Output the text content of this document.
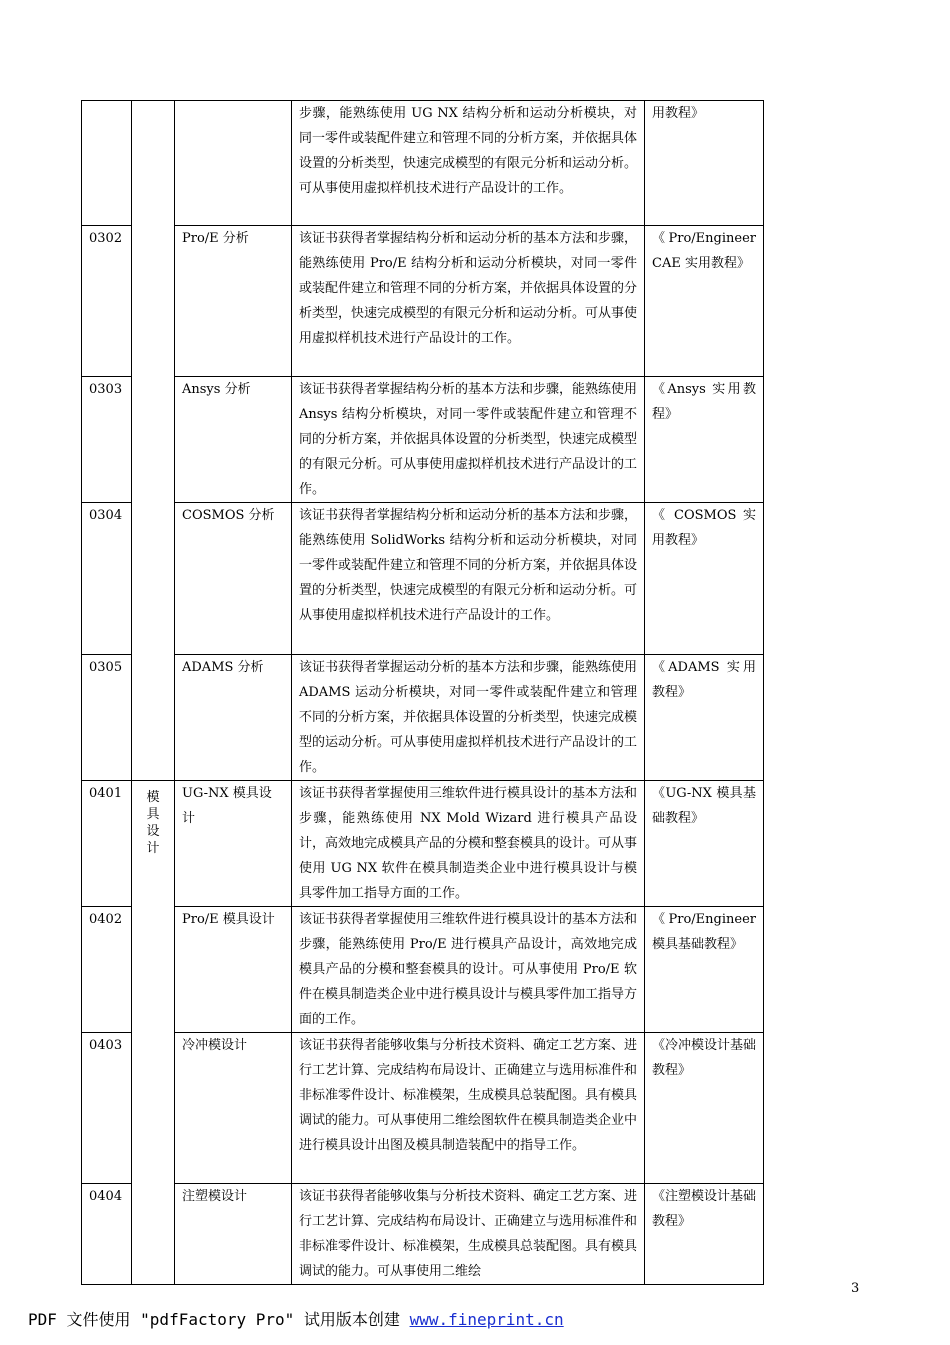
			步骤，能熟练使用 UG NX 结构分析和运动分析模块，对同一零件或装配件建立和管理不同的分析方案，并依据具体设置的分析类型，快速完成模型的有限元分析和运动分析。可从事使用虚拟样机技术进行产品设计的工作。	用教程》
0302		Pro/E 分析	该证书获得者掌握结构分析和运动分析的基本方法和步骤，能熟练使用 Pro/E 结构分析和运动分析模块，对同一零件或装配件建立和管理不同的分析方案，并依据具体设置的分析类型，快速完成模型的有限元分析和运动分析。可从事使用虚拟样机技术进行产品设计的工作。	《Pro/Engineer CAE 实用教程》
0303		Ansys 分析	该证书获得者掌握结构分析的基本方法和步骤，能熟练使用 Ansys 结构分析模块，对同一零件或装配件建立和管理不同的分析方案，并依据具体设置的分析类型，快速完成模型的有限元分析。可从事使用虚拟样机技术进行产品设计的工作。	《Ansys 实用教程》
0304		COSMOS 分析	该证书获得者掌握结构分析和运动分析的基本方法和步骤，能熟练使用 SolidWorks 结构分析和运动分析模块，对同一零件或装配件建立和管理不同的分析方案，并依据具体设置的分析类型，快速完成模型的有限元分析和运动分析。可从事使用虚拟样机技术进行产品设计的工作。	《 COSMOS 实用教程》
0305		ADAMS 分析	该证书获得者掌握运动分析的基本方法和步骤，能熟练使用 ADAMS 运动分析模块，对同一零件或装配件建立和管理不同的分析方案，并依据具体设置的分析类型，快速完成模型的运动分析。可从事使用虚拟样机技术进行产品设计的工作。	《ADAMS 实用教程》
0401	模具设计	UG-NX 模具设计	该证书获得者掌握使用三维软件进行模具设计的基本方法和步骤，能熟练使用 NX Mold Wizard 进行模具产品设计，高效地完成模具产品的分模和整套模具的设计。可从事使用 UG NX 软件在模具制造类企业中进行模具设计与模具零件加工指导方面的工作。	《UG-NX 模具基础教程》
0402		Pro/E 模具设计	该证书获得者掌握使用三维软件进行模具设计的基本方法和步骤，能熟练使用 Pro/E 进行模具产品设计，高效地完成模具产品的分模和整套模具的设计。可从事使用 Pro/E 软件在模具制造类企业中进行模具设计与模具零件加工指导方面的工作。	《Pro/Engineer 模具基础教程》
0403		冷冲模设计	该证书获得者能够收集与分析技术资料、确定工艺方案、进行工艺计算、完成结构布局设计、正确建立与选用标准件和非标准零件设计、标准模架，生成模具总装配图。具有模具调试的能力。可从事使用二维绘图软件在模具制造类企业中进行模具设计出图及模具制造装配中的指导工作。	《冷冲模设计基础教程》
0404		注塑模设计	该证书获得者能够收集与分析技术资料、确定工艺方案、进行工艺计算、完成结构布局设计、正确建立与选用标准件和非标准零件设计、标准模架，生成模具总装配图。具有模具调试的能力。可从事使用二维绘	《注塑模设计基础教程》
3
PDF 文件使用 "pdfFactory Pro" 试用版本创建 www.fineprint.cn
